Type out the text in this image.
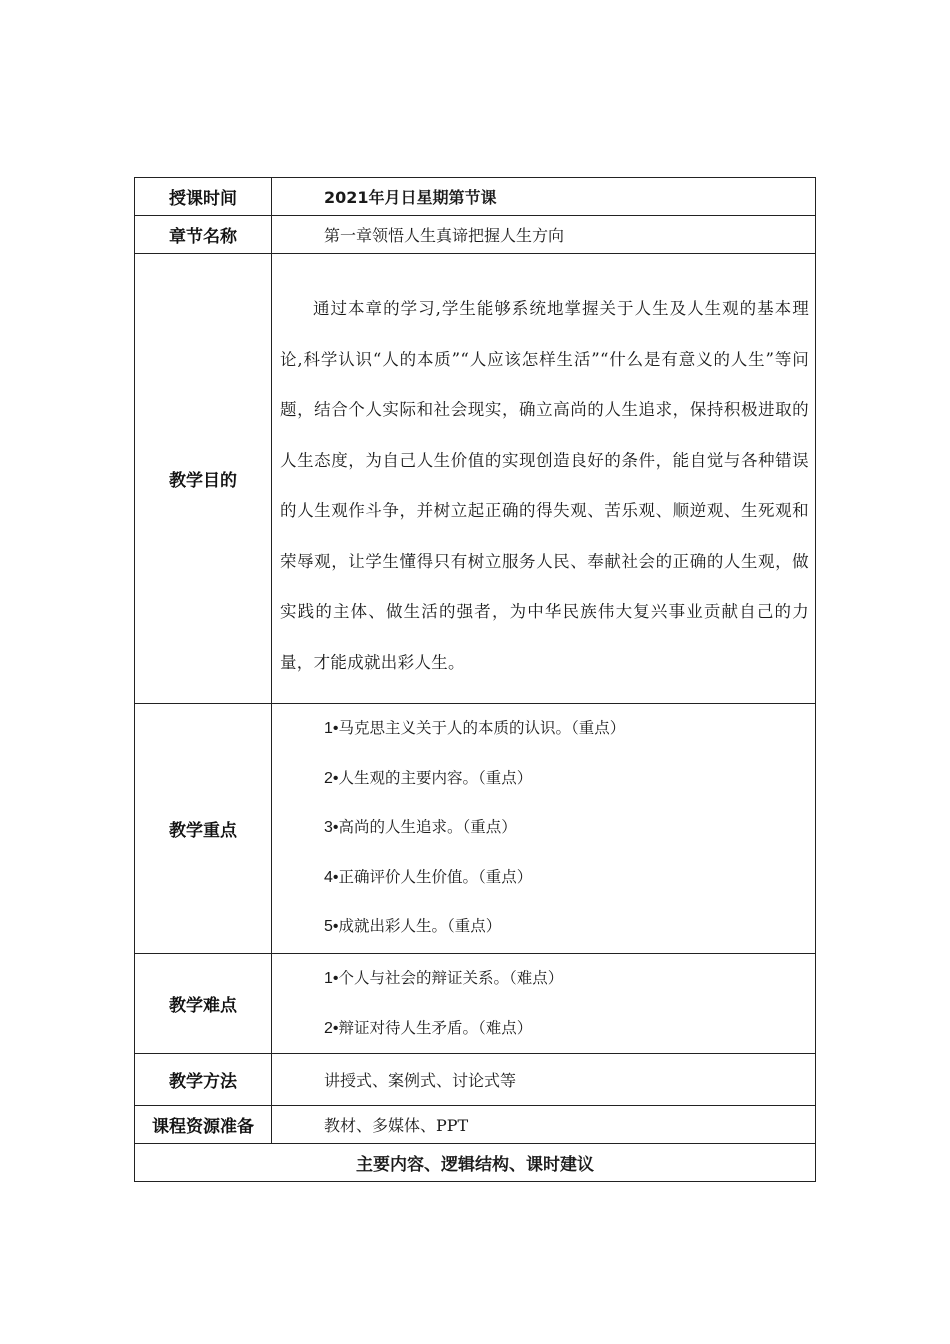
授课时间	2021年月日星期第节课
章节名称	第一章领悟人生真谛把握人生方向
教学目的	通过本章的学习,学生能够系统地掌握关于人生及人生观的基本理论,科学认识“人的本质”“人应该怎样生活”“什么是有意义的人生”等问题，结合个人实际和社会现实，确立高尚的人生追求，保持积极进取的人生态度，为自己人生价值的实现创造良好的条件，能自觉与各种错误的人生观作斗争，并树立起正确的得失观、苦乐观、顺逆观、生死观和荣辱观，让学生懂得只有树立服务人民、奉献社会的正确的人生观，做实践的主体、做生活的强者，为中华民族伟大复兴事业贡献自己的力量，才能成就出彩人生。

教学重点	1•马克思主义关于人的本质的认识。（重点）
2•人生观的主要内容。（重点）
3•高尚的人生追求。（重点）
4•正确评价人生价值。（重点）
5•成就出彩人生。（重点）

教学难点	1•个人与社会的辩证关系。（难点）
2•辩证对待人生矛盾。（难点）

教学方法	讲授式、案例式、讨论式等
课程资源准备	教材、多媒体、PPT
主要内容、逻辑结构、课时建议	
